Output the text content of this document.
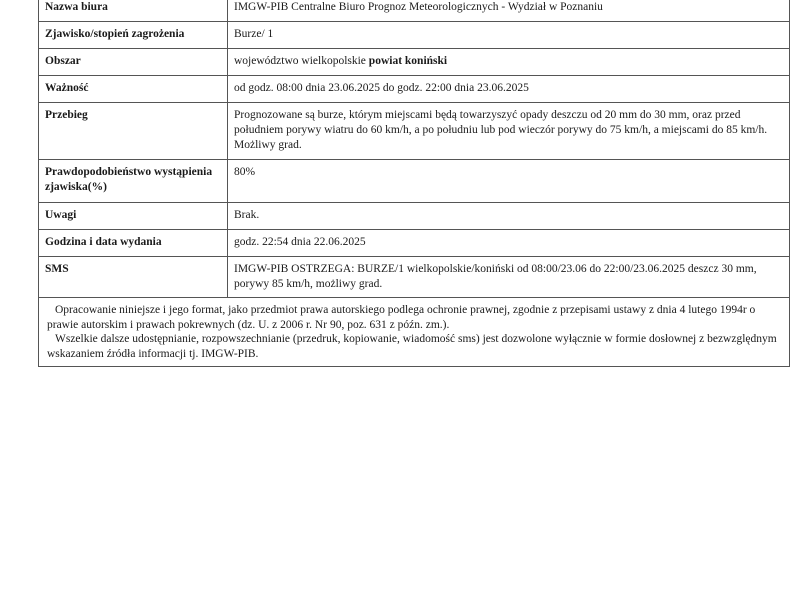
Nazwa biura	IMGW-PIB Centralne Biuro Prognoz Meteorologicznych - Wydział w Poznaniu
Zjawisko/stopień zagrożenia	Burze/ 1
Obszar	województwo wielkopolskie powiat koniński
Ważność	od godz. 08:00 dnia 23.06.2025 do godz. 22:00 dnia 23.06.2025
Przebieg	Prognozowane są burze, którym miejscami będą towarzyszyć opady deszczu od 20 mm do 30 mm, oraz przed południem porywy wiatru do 60 km/h, a po południu lub pod wieczór porywy do 75 km/h, a miejscami do 85 km/h. Możliwy grad.
Prawdopodobieństwo wystąpienia zjawiska(%)	80%
Uwagi	Brak.
Godzina i data wydania	godz. 22:54 dnia 22.06.2025
SMS	IMGW-PIB OSTRZEGA: BURZE/1 wielkopolskie/koniński od 08:00/23.06 do 22:00/23.06.2025 deszcz 30 mm, porywy 85 km/h, możliwy grad.

Opracowanie niniejsze i jego format, jako przedmiot prawa autorskiego podlega ochronie prawnej, zgodnie z przepisami ustawy z dnia 4 lutego 1994r o prawie autorskim i prawach pokrewnych (dz. U. z 2006 r. Nr 90, poz. 631 z późn. zm.).

Wszelkie dalsze udostępnianie, rozpowszechnianie (przedruk, kopiowanie, wiadomość sms) jest dozwolone wyłącznie w formie dosłownej z bezwzględnym wskazaniem źródła informacji tj. IMGW-PIB.
